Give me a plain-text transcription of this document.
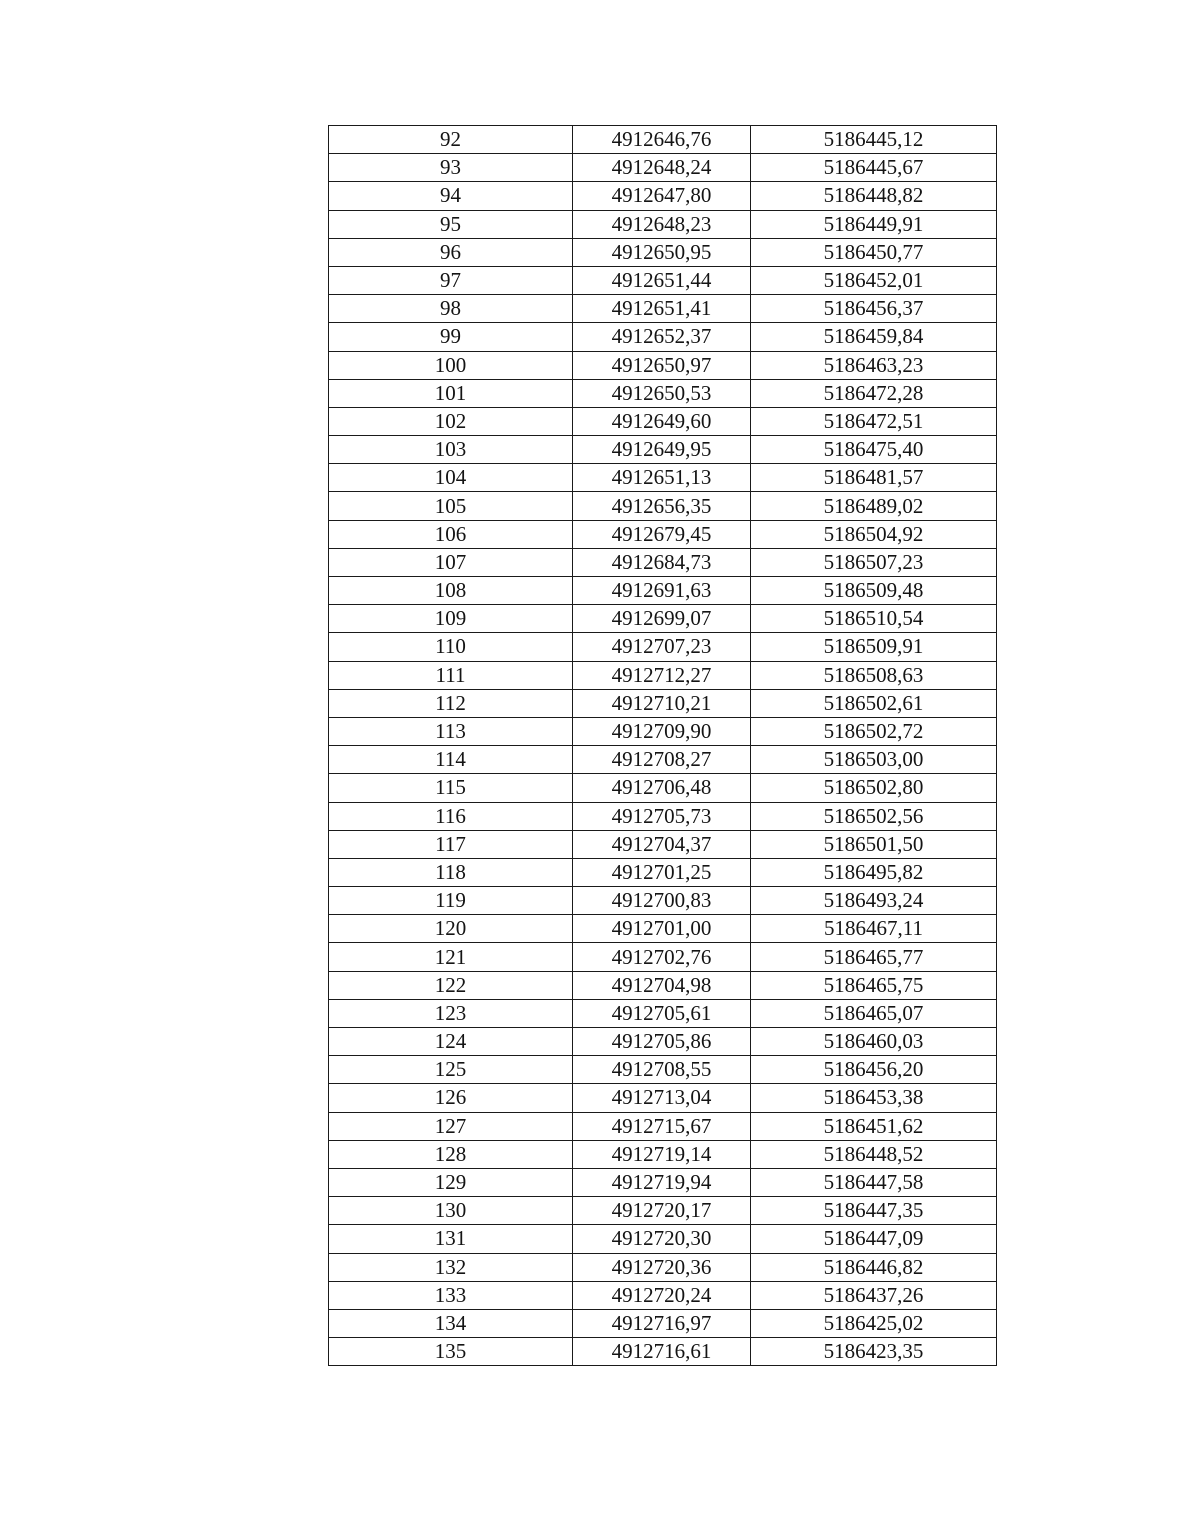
92	4912646,76	5186445,12
93	4912648,24	5186445,67
94	4912647,80	5186448,82
95	4912648,23	5186449,91
96	4912650,95	5186450,77
97	4912651,44	5186452,01
98	4912651,41	5186456,37
99	4912652,37	5186459,84
100	4912650,97	5186463,23
101	4912650,53	5186472,28
102	4912649,60	5186472,51
103	4912649,95	5186475,40
104	4912651,13	5186481,57
105	4912656,35	5186489,02
106	4912679,45	5186504,92
107	4912684,73	5186507,23
108	4912691,63	5186509,48
109	4912699,07	5186510,54
110	4912707,23	5186509,91
111	4912712,27	5186508,63
112	4912710,21	5186502,61
113	4912709,90	5186502,72
114	4912708,27	5186503,00
115	4912706,48	5186502,80
116	4912705,73	5186502,56
117	4912704,37	5186501,50
118	4912701,25	5186495,82
119	4912700,83	5186493,24
120	4912701,00	5186467,11
121	4912702,76	5186465,77
122	4912704,98	5186465,75
123	4912705,61	5186465,07
124	4912705,86	5186460,03
125	4912708,55	5186456,20
126	4912713,04	5186453,38
127	4912715,67	5186451,62
128	4912719,14	5186448,52
129	4912719,94	5186447,58
130	4912720,17	5186447,35
131	4912720,30	5186447,09
132	4912720,36	5186446,82
133	4912720,24	5186437,26
134	4912716,97	5186425,02
135	4912716,61	5186423,35
